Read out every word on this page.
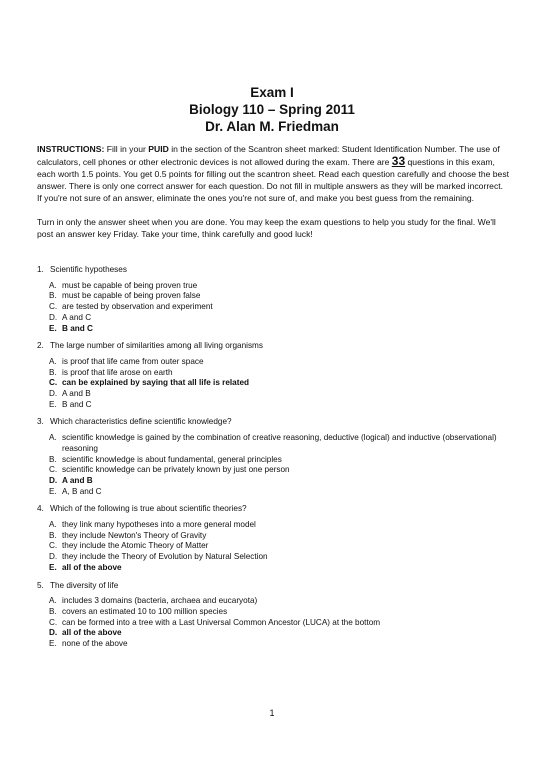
Exam I
Biology 110 – Spring 2011
Dr. Alan M. Friedman

INSTRUCTIONS: Fill in your PUID in the section of the Scantron sheet marked: Student Identification Number. The use of calculators, cell phones or other electronic devices is not allowed during the exam. There are 33 questions in this exam, each worth 1.5 points. You get 0.5 points for filling out the scantron sheet. Read each question carefully and choose the best answer. There is only one correct answer for each question. Do not fill in multiple answers as they will be marked incorrect. If you're not sure of an answer, eliminate the ones you're not sure of, and make you best guess from the remaining.

Turn in only the answer sheet when you are done. You may keep the exam questions to help you study for the final. We'll post an answer key Friday. Take your time, think carefully and good luck!

1. Scientific hypotheses
A. must be capable of being proven true
B. must be capable of being proven false
C. are tested by observation and experiment
D. A and C
E. B and C
2. The large number of similarities among all living organisms
A. is proof that life came from outer space
B. is proof that life arose on earth
C. can be explained by saying that all life is related
D. A and B
E. B and C
3. Which characteristics define scientific knowledge?
A. scientific knowledge is gained by the combination of creative reasoning, deductive (logical) and inductive (observational) reasoning
B. scientific knowledge is about fundamental, general principles
C. scientific knowledge can be privately known by just one person
D. A and B
E. A, B and C
4. Which of the following is true about scientific theories?
A. they link many hypotheses into a more general model
B. they include Newton's Theory of Gravity
C. they include the Atomic Theory of Matter
D. they include the Theory of Evolution by Natural Selection
E. all of the above
5. The diversity of life
A. includes 3 domains (bacteria, archaea and eucaryota)
B. covers an estimated 10 to 100 million species
C. can be formed into a tree with a Last Universal Common Ancestor (LUCA) at the bottom
D. all of the above
E. none of the above
1
